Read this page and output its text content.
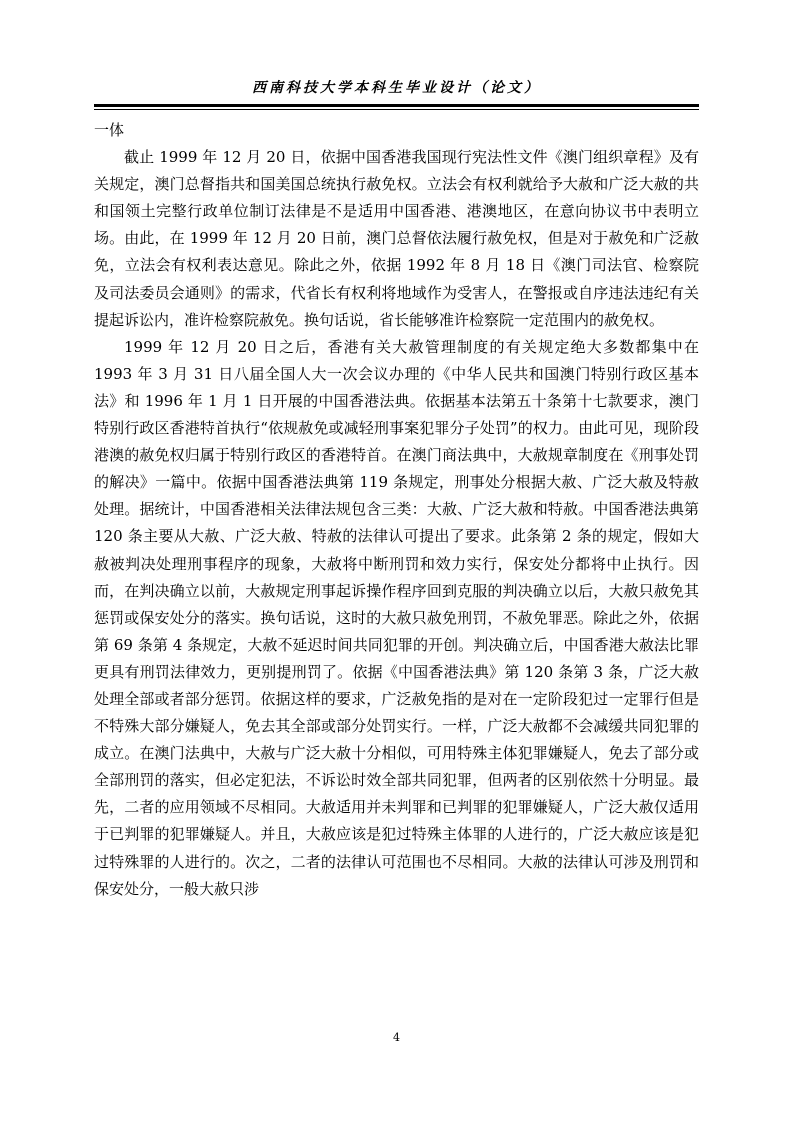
西南科技大学本科生毕业设计（论文）

一体

截止 1999 年 12 月 20 日，依据中国香港我国现行宪法性文件《澳门组织章程》及有关规定，澳门总督指共和国美国总统执行赦免权。立法会有权利就给予大赦和广泛大赦的共和国领土完整行政单位制订法律是不是适用中国香港、港澳地区，在意向协议书中表明立场。由此，在 1999 年 12 月 20 日前，澳门总督依法履行赦免权，但是对于赦免和广泛赦免，立法会有权利表达意见。除此之外，依据 1992 年 8 月 18 日《澳门司法官、检察院及司法委员会通则》的需求，代省长有权利将地域作为受害人，在警报或自序违法违纪有关提起诉讼内，准许检察院赦免。换句话说，省长能够准许检察院一定范围内的赦免权。

1999 年 12 月 20 日之后，香港有关大赦管理制度的有关规定绝大多数都集中在 1993 年 3 月 31 日八届全国人大一次会议办理的《中华人民共和国澳门特别行政区基本法》和 1996 年 1 月 1 日开展的中国香港法典。依据基本法第五十条第十七款要求，澳门特别行政区香港特首执行“依规赦免或减轻刑事案犯罪分子处罚”的权力。由此可见，现阶段港澳的赦免权归属于特别行政区的香港特首。在澳门商法典中，大赦规章制度在《刑事处罚的解决》一篇中。依据中国香港法典第 119 条规定，刑事处分根据大赦、广泛大赦及特赦处理。据统计，中国香港相关法律法规包含三类：大赦、广泛大赦和特赦。中国香港法典第 120 条主要从大赦、广泛大赦、特赦的法律认可提出了要求。此条第 2 条的规定，假如大赦被判决处理刑事程序的现象，大赦将中断刑罚和效力实行，保安处分都将中止执行。因而，在判决确立以前，大赦规定刑事起诉操作程序回到克服的判决确立以后，大赦只赦免其惩罚或保安处分的落实。换句话说，这时的大赦只赦免刑罚，不赦免罪恶。除此之外，依据第 69 条第 4 条规定，大赦不延迟时间共同犯罪的开创。判决确立后，中国香港大赦法比罪更具有刑罚法律效力，更别提刑罚了。依据《中国香港法典》第 120 条第 3 条，广泛大赦处理全部或者部分惩罚。依据这样的要求，广泛赦免指的是对在一定阶段犯过一定罪行但是不特殊大部分嫌疑人，免去其全部或部分处罚实行。一样，广泛大赦都不会减缓共同犯罪的成立。在澳门法典中，大赦与广泛大赦十分相似，可用特殊主体犯罪嫌疑人，免去了部分或全部刑罚的落实，但必定犯法，不诉讼时效全部共同犯罪，但两者的区别依然十分明显。最先，二者的应用领域不尽相同。大赦适用并未判罪和已判罪的犯罪嫌疑人，广泛大赦仅适用于已判罪的犯罪嫌疑人。并且，大赦应该是犯过特殊主体罪的人进行的，广泛大赦应该是犯过特殊罪的人进行的。次之，二者的法律认可范围也不尽相同。大赦的法律认可涉及刑罚和保安处分，一般大赦只涉

4
